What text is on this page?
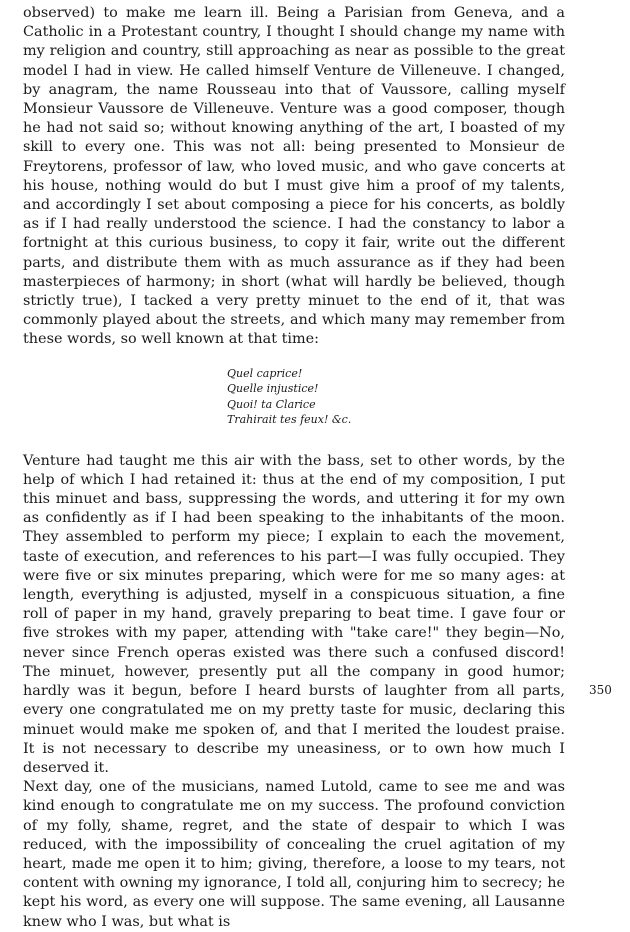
observed) to make me learn ill. Being a Parisian from Geneva, and a Catholic in a Protestant country, I thought I should change my name with my religion and country, still approaching as near as possible to the great model I had in view. He called himself Venture de Villeneuve. I changed, by anagram, the name Rousseau into that of Vaussore, calling myself Monsieur Vaussore de Villeneuve. Venture was a good composer, though he had not said so; without knowing anything of the art, I boasted of my skill to every one. This was not all: being presented to Monsieur de Freytorens, professor of law, who loved music, and who gave concerts at his house, nothing would do but I must give him a proof of my talents, and accordingly I set about composing a piece for his concerts, as boldly as if I had really understood the science. I had the constancy to labor a fortnight at this curious business, to copy it fair, write out the different parts, and distribute them with as much assurance as if they had been masterpieces of harmony; in short (what will hardly be believed, though strictly true), I tacked a very pretty minuet to the end of it, that was commonly played about the streets, and which many may remember from these words, so well known at that time:

Quel caprice!
Quelle injustice!
Quoi! ta Clarice
Trahirait tes feux! &c.

Venture had taught me this air with the bass, set to other words, by the help of which I had retained it: thus at the end of my composition, I put this minuet and bass, suppressing the words, and uttering it for my own as confidently as if I had been speaking to the inhabitants of the moon. They assembled to perform my piece; I explain to each the movement, taste of execution, and references to his part—I was fully occupied. They were five or six minutes preparing, which were for me so many ages: at length, everything is adjusted, myself in a conspicuous situation, a fine roll of paper in my hand, gravely preparing to beat time. I gave four or five strokes with my paper, attending with "take care!" they begin—No, never since French operas existed was there such a confused discord! The minuet, however, presently put all the company in good humor; hardly was it begun, before I heard bursts of laughter from all parts, every one congratulated me on my pretty taste for music, declaring this minuet would make me spoken of, and that I merited the loudest praise. It is not necessary to describe my uneasiness, or to own how much I deserved it.

Next day, one of the musicians, named Lutold, came to see me and was kind enough to congratulate me on my success. The profound conviction of my folly, shame, regret, and the state of despair to which I was reduced, with the impossibility of concealing the cruel agitation of my heart, made me open it to him; giving, therefore, a loose to my tears, not content with owning my ignorance, I told all, conjuring him to secrecy; he kept his word, as every one will suppose. The same evening, all Lausanne knew who I was, but what is

350
